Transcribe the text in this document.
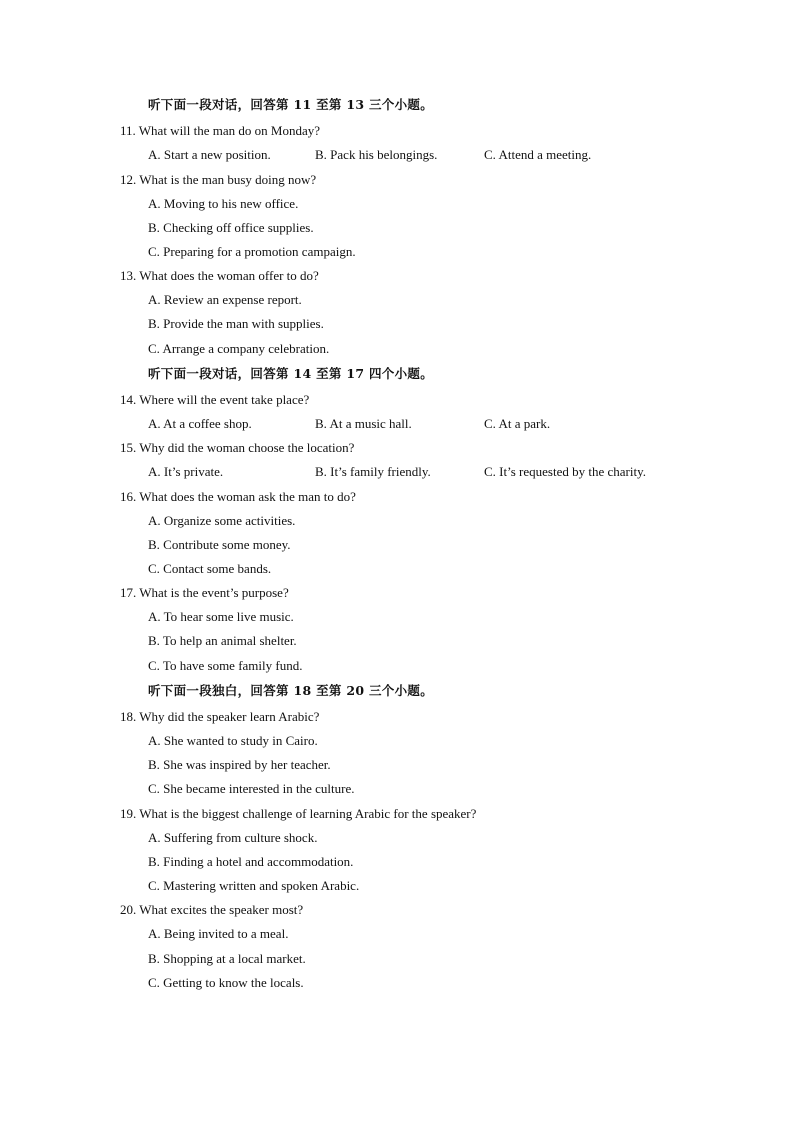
听下面一段对话，回答第 11 至第 13 三个小题。
11. What will the man do on Monday?
A. Start a new position.	B. Pack his belongings.	C. Attend a meeting.
12. What is the man busy doing now?
A. Moving to his new office.
B. Checking off office supplies.
C. Preparing for a promotion campaign.
13. What does the woman offer to do?
A. Review an expense report.
B. Provide the man with supplies.
C. Arrange a company celebration.
听下面一段对话，回答第 14 至第 17 四个小题。
14. Where will the event take place?
A. At a coffee shop.	B. At a music hall.	C. At a park.
15. Why did the woman choose the location?
A. It’s private.	B. It’s family friendly.	C. It’s requested by the charity.
16. What does the woman ask the man to do?
A. Organize some activities.
B. Contribute some money.
C. Contact some bands.
17. What is the event’s purpose?
A. To hear some live music.
B. To help an animal shelter.
C. To have some family fund.
听下面一段独白，回答第 18 至第 20 三个小题。
18. Why did the speaker learn Arabic?
A. She wanted to study in Cairo.
B. She was inspired by her teacher.
C. She became interested in the culture.
19. What is the biggest challenge of learning Arabic for the speaker?
A. Suffering from culture shock.
B. Finding a hotel and accommodation.
C. Mastering written and spoken Arabic.
20. What excites the speaker most?
A. Being invited to a meal.
B. Shopping at a local market.
C. Getting to know the locals.
